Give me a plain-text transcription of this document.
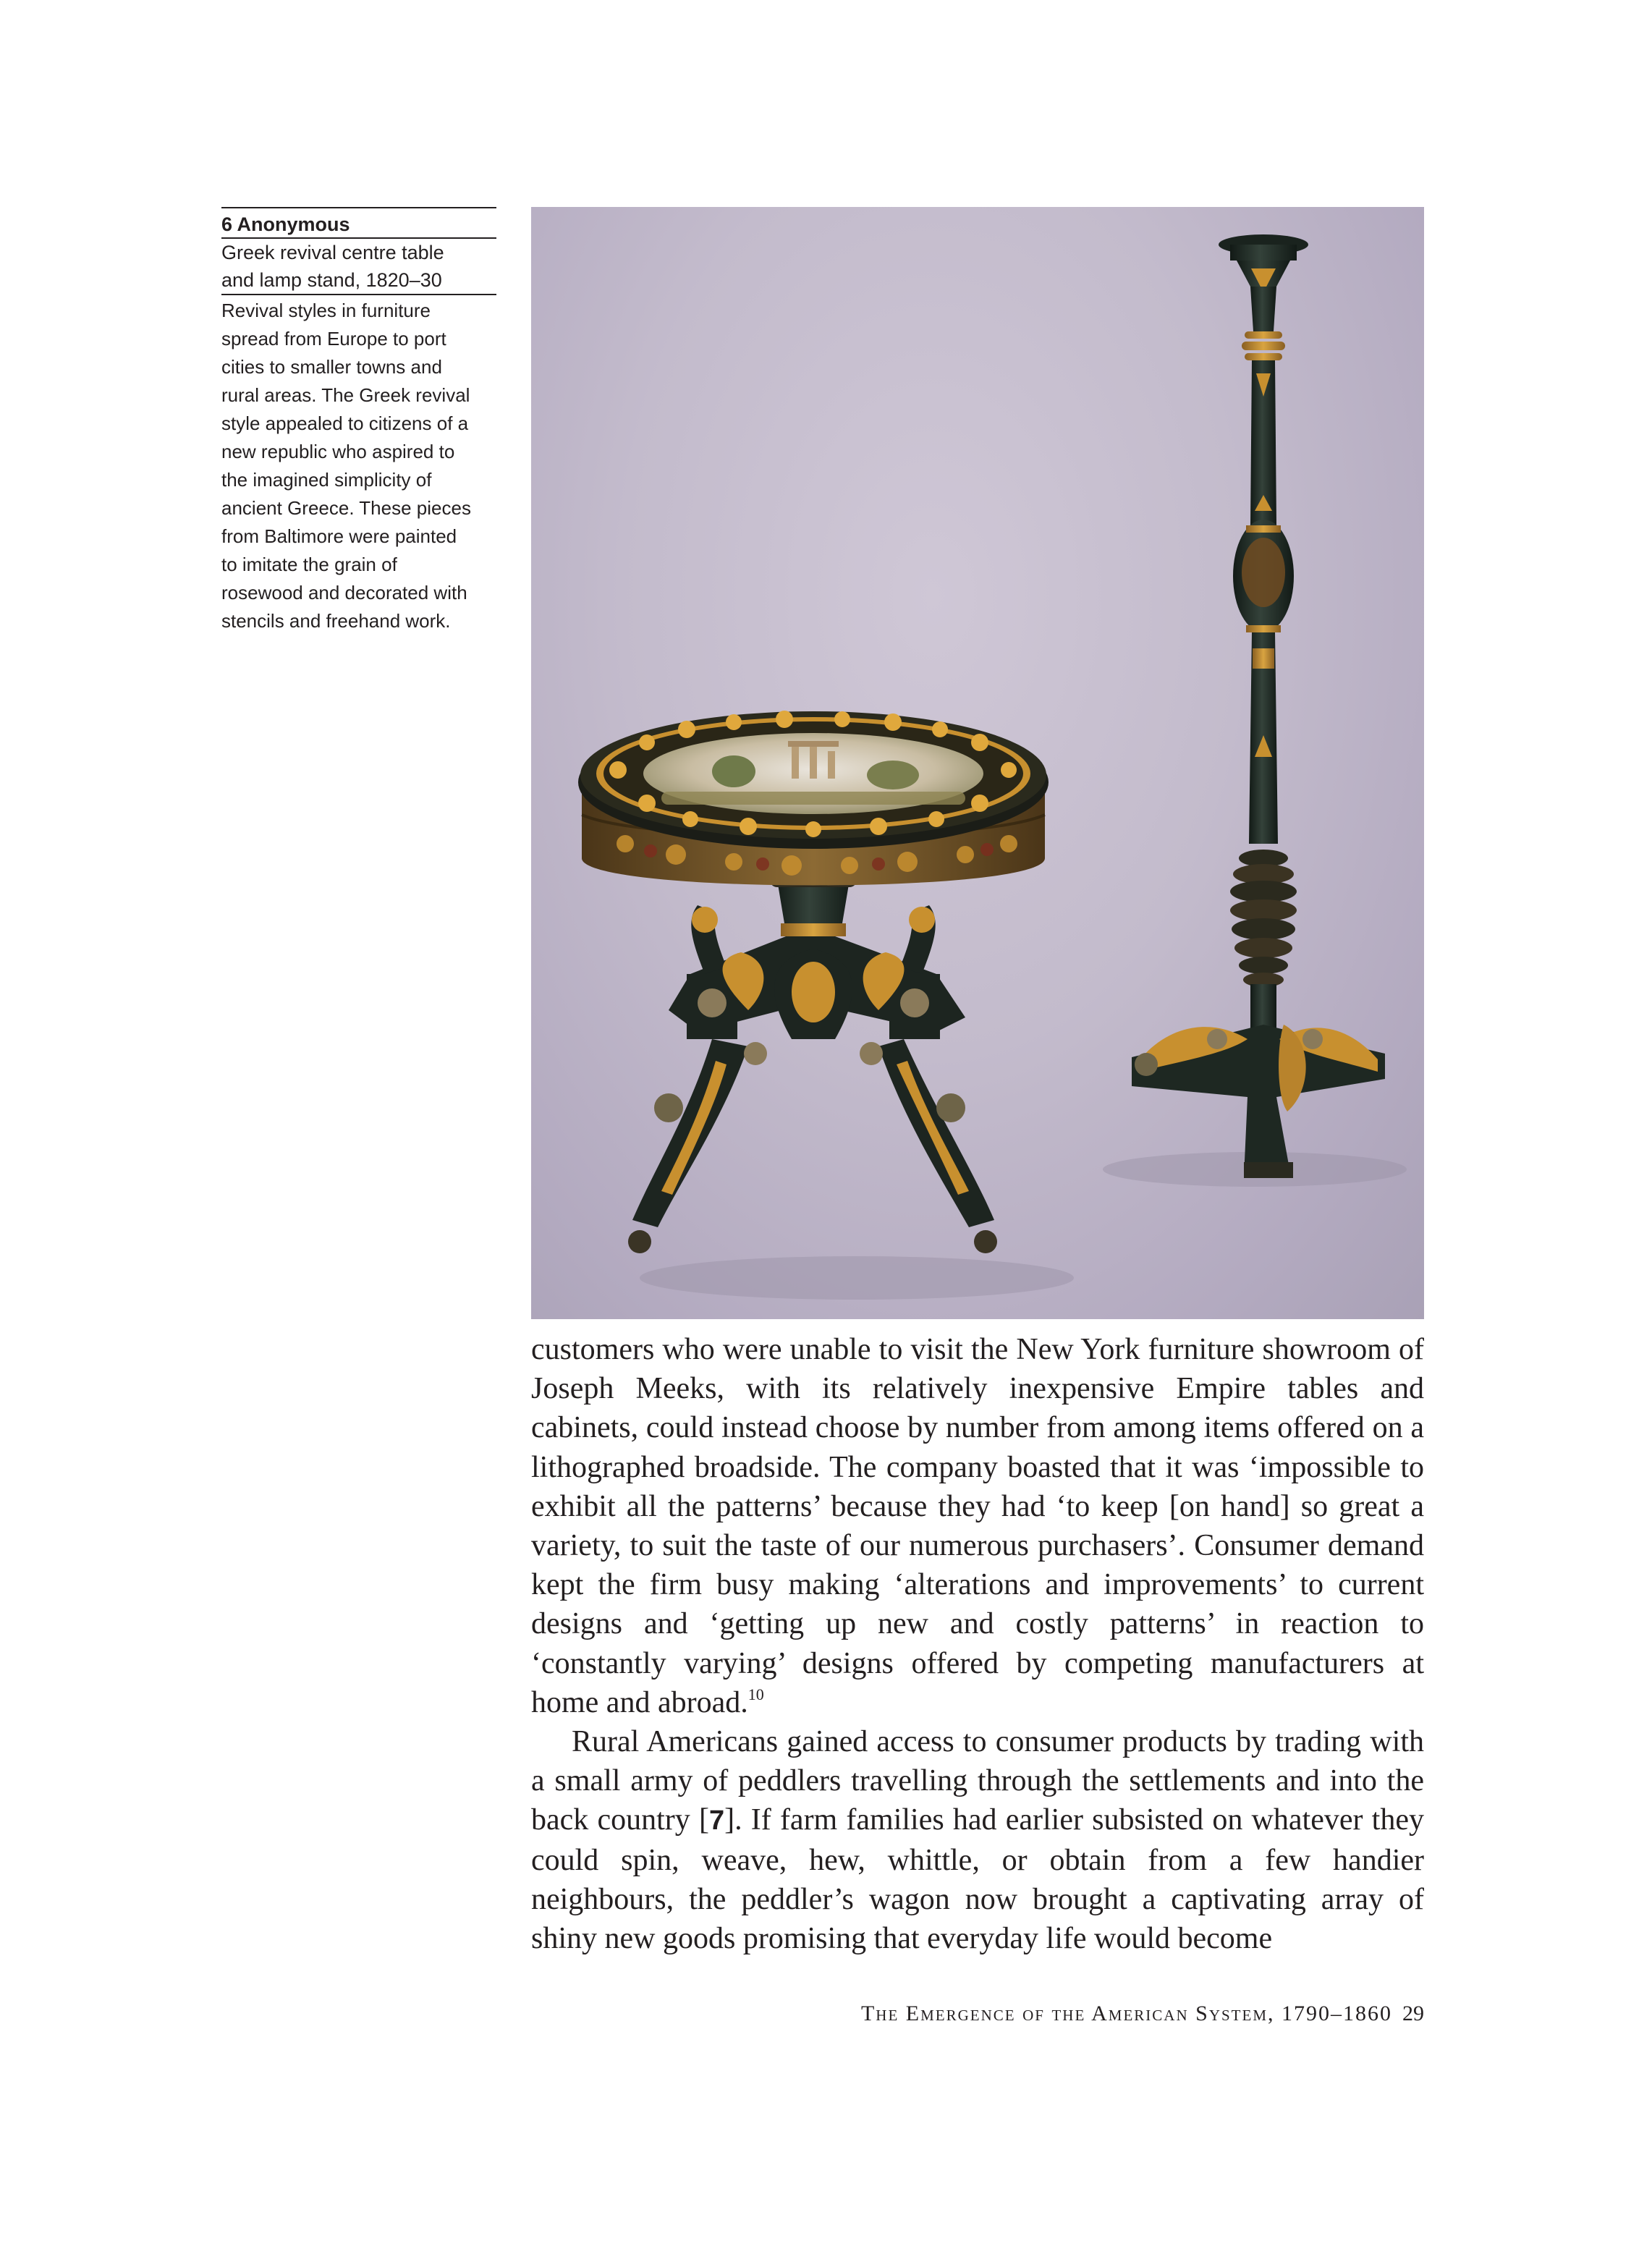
6 Anonymous
Greek revival centre table
and lamp stand, 1820–30
Revival styles in furniture
spread from Europe to port
cities to smaller towns and
rural areas. The Greek revival
style appealed to citizens of a
new republic who aspired to
the imagined simplicity of
ancient Greece. These pieces
from Baltimore were painted
to imitate the grain of
rosewood and decorated with
stencils and freehand work.

customers who were unable to visit the New York furniture showroom of Joseph Meeks, with its relatively inexpensive Empire tables and cabinets, could instead choose by number from among items offered on a lithographed broadside. The company boasted that it was ‘impossible to exhibit all the patterns’ because they had ‘to keep [on hand] so great a variety, to suit the taste of our numerous purchasers’. Consumer demand kept the firm busy making ‘alterations and improvements’ to current designs and ‘getting up new and costly patterns’ in reaction to ‘constantly varying’ designs offered by competing manufacturers at home and abroad.$^{10}$

Rural Americans gained access to consumer products by trading with a small army of peddlers travelling through the settlements and into the back country [7]. If farm families had earlier subsisted on whatever they could spin, weave, hew, whittle, or obtain from a few handier neighbours, the peddler’s wagon now brought a captivating array of shiny new goods promising that everyday life would become

The Emergence of the American System, 1790–1860 29
